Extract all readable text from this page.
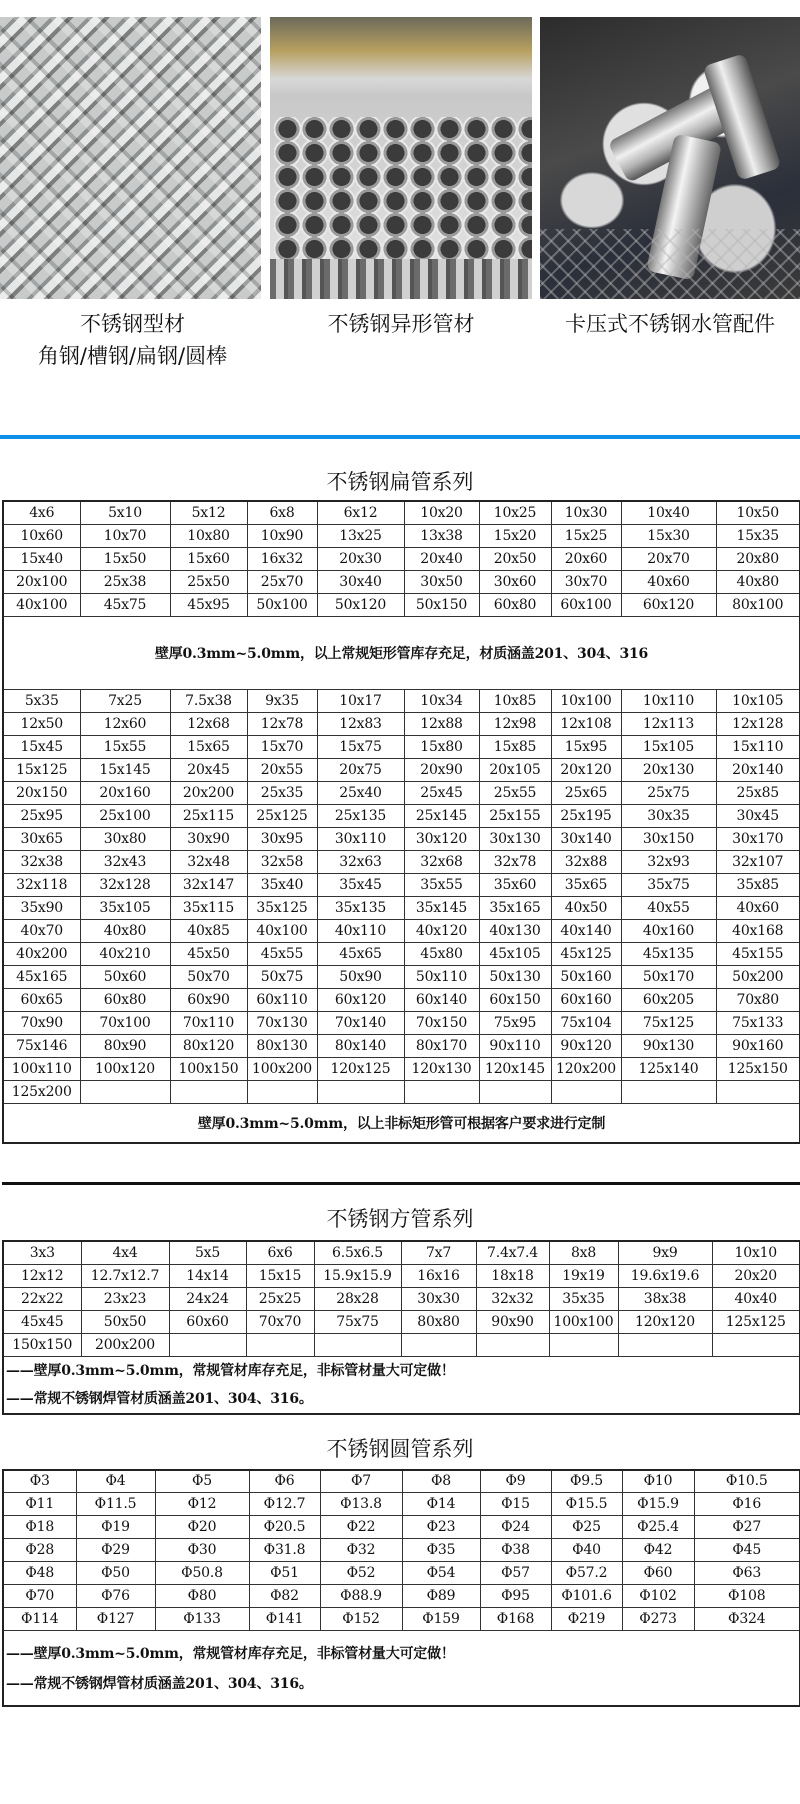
不锈钢型材
角钢/槽钢/扁钢/圆棒
不锈钢异形管材	卡压式不锈钢水管配件
不锈钢扁管系列
4x6	5x10	5x12	6x8	6x12	10x20	10x25	10x30	10x40	10x50
10x60	10x70	10x80	10x90	13x25	13x38	15x20	15x25	15x30	15x35
15x40	15x50	15x60	16x32	20x30	20x40	20x50	20x60	20x70	20x80
20x100	25x38	25x50	25x70	30x40	30x50	30x60	30x70	40x60	40x80
40x100	45x75	45x95	50x100	50x120	50x150	60x80	60x100	60x120	80x100
壁厚0.3mm~5.0mm，以上常规矩形管库存充足，材质涵盖201、304、316									
5x35	7x25	7.5x38	9x35	10x17	10x34	10x85	10x100	10x110	10x105
12x50	12x60	12x68	12x78	12x83	12x88	12x98	12x108	12x113	12x128
15x45	15x55	15x65	15x70	15x75	15x80	15x85	15x95	15x105	15x110
15x125	15x145	20x45	20x55	20x75	20x90	20x105	20x120	20x130	20x140
20x150	20x160	20x200	25x35	25x40	25x45	25x55	25x65	25x75	25x85
25x95	25x100	25x115	25x125	25x135	25x145	25x155	25x195	30x35	30x45
30x65	30x80	30x90	30x95	30x110	30x120	30x130	30x140	30x150	30x170
32x38	32x43	32x48	32x58	32x63	32x68	32x78	32x88	32x93	32x107
32x118	32x128	32x147	35x40	35x45	35x55	35x60	35x65	35x75	35x85
35x90	35x105	35x115	35x125	35x135	35x145	35x165	40x50	40x55	40x60
40x70	40x80	40x85	40x100	40x110	40x120	40x130	40x140	40x160	40x168
40x200	40x210	45x50	45x55	45x65	45x80	45x105	45x125	45x135	45x155
45x165	50x60	50x70	50x75	50x90	50x110	50x130	50x160	50x170	50x200
60x65	60x80	60x90	60x110	60x120	60x140	60x150	60x160	60x205	70x80
70x90	70x100	70x110	70x130	70x140	70x150	75x95	75x104	75x125	75x133
75x146	80x90	80x120	80x130	80x140	80x170	90x110	90x120	90x130	90x160
100x110	100x120	100x150	100x200	120x125	120x130	120x145	120x200	125x140	125x150
125x200									
壁厚0.3mm~5.0mm，以上非标矩形管可根据客户要求进行定制									
不锈钢方管系列
3x3	4x4	5x5	6x6	6.5x6.5	7x7	7.4x7.4	8x8	9x9	10x10
12x12	12.7x12.7	14x14	15x15	15.9x15.9	16x16	18x18	19x19	19.6x19.6	20x20
22x22	23x23	24x24	25x25	28x28	30x30	32x32	35x35	38x38	40x40
45x45	50x50	60x60	70x70	75x75	80x80	90x90	100x100	120x120	125x125
150x150	200x200								

——壁厚0.3mm~5.0mm，常规管材库存充足，非标管材量大可定做！
——常规不锈钢焊管材质涵盖201、304、316。									
不锈钢圆管系列
Φ3	Φ4	Φ5	Φ6	Φ7	Φ8	Φ9	Φ9.5	Φ10	Φ10.5
Φ11	Φ11.5	Φ12	Φ12.7	Φ13.8	Φ14	Φ15	Φ15.5	Φ15.9	Φ16
Φ18	Φ19	Φ20	Φ20.5	Φ22	Φ23	Φ24	Φ25	Φ25.4	Φ27
Φ28	Φ29	Φ30	Φ31.8	Φ32	Φ35	Φ38	Φ40	Φ42	Φ45
Φ48	Φ50	Φ50.8	Φ51	Φ52	Φ54	Φ57	Φ57.2	Φ60	Φ63
Φ70	Φ76	Φ80	Φ82	Φ88.9	Φ89	Φ95	Φ101.6	Φ102	Φ108
Φ114	Φ127	Φ133	Φ141	Φ152	Φ159	Φ168	Φ219	Φ273	Φ324

——壁厚0.3mm~5.0mm，常规管材库存充足，非标管材量大可定做！
——常规不锈钢焊管材质涵盖201、304、316。									
